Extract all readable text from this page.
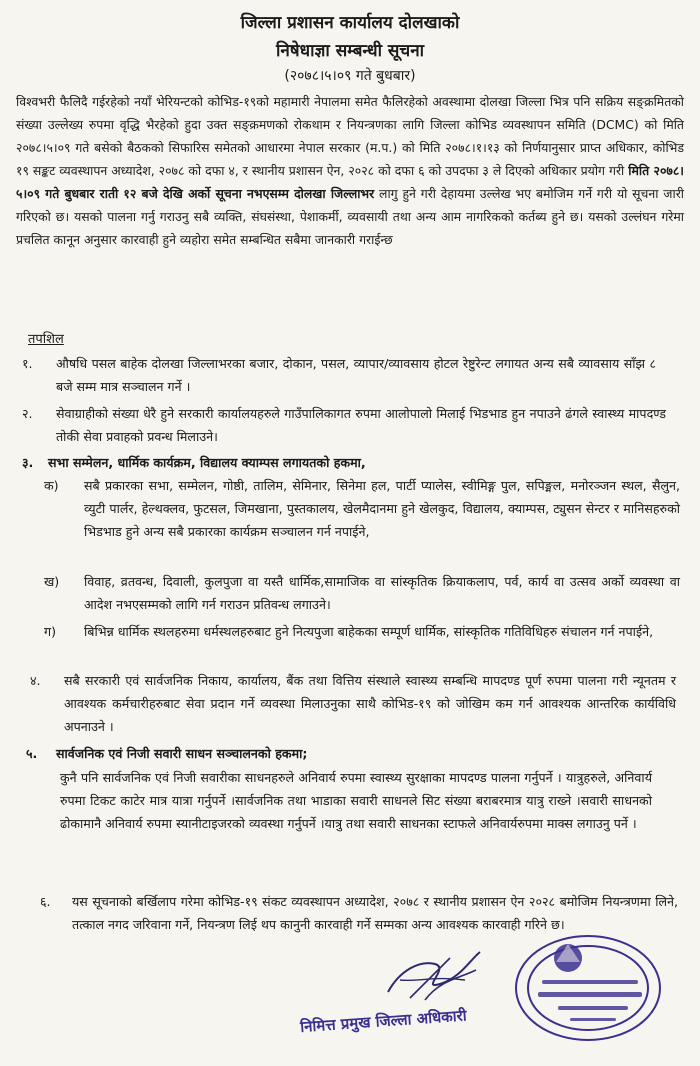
जिल्ला प्रशासन कार्यालय दोलखाको
निषेधाज्ञा सम्बन्धी सूचना
(२०७८।५।०९ गते बुधबार)
विश्वभरी फैलिदै गईरहेको नयाँ भेरियन्टको कोभिड-१९को महामारी नेपालमा समेत फैलिरहेको अवस्थामा दोलखा जिल्ला भित्र पनि सक्रिय सङ्क्रमितको संख्या उल्लेख्य रुपमा वृद्धि भैरहेको हुदा उक्त सङ्क्रमणको रोकथाम र नियन्त्रणका लागि जिल्ला कोभिड व्यवस्थापन समिति (DCMC) को मिति २०७८।५।०९ गते बसेको बैठकको सिफारिस समेतको आधारमा नेपाल सरकार (म.प.) को मिति २०७८।१।१३ को निर्णयानुसार प्राप्त अधिकार, कोभिड १९ सङ्कट व्यवस्थापन अध्यादेश, २०७८ को दफा ४, र स्थानीय प्रशासन ऐन, २०२८ को दफा ६ को उपदफा ३ ले दिएको अधिकार प्रयोग गरी मिति २०७८।५।०९ गते बुधबार राती १२ बजे देखि अर्को सूचना नभएसम्म दोलखा जिल्लाभर लागु हुने गरी देहायमा उल्लेख भए बमोजिम गर्ने गरी यो सूचना जारी गरिएको छ। यसको पालना गर्नु गराउनु सबै व्यक्ति, संघसंस्था, पेशाकर्मी, व्यवसायी तथा अन्य आम नागरिकको कर्तब्य हुने छ। यसको उल्लंघन गरेमा प्रचलित कानून अनुसार कारवाही हुने व्यहोरा समेत सम्बन्धित सबैमा जानकारी गराईन्छ
तपशिल
१. औषधि पसल बाहेक दोलखा जिल्लाभरका बजार, दोकान, पसल, व्यापार/व्यावसाय होटल रेष्टुरेन्ट लगायत अन्य सबै व्यावसाय साँझ ८ बजे सम्म मात्र सञ्चालन गर्ने ।
२. सेवाग्राहीको संख्या धेरै हुने सरकारी कार्यालयहरुले गाउँपालिकागत रुपमा आलोपालो मिलाई भिडभाड हुन नपाउने ढंगले स्वास्थ्य मापदण्ड तोकी सेवा प्रवाहको प्रवन्ध मिलाउने।
३. सभा सम्मेलन, धार्मिक कार्यक्रम, विद्यालय क्याम्पस लगायतको हकमा,
क) सबै प्रकारका सभा, सम्मेलन, गोष्ठी, तालिम, सेमिनार, सिनेमा हल, पार्टी प्यालेस, स्वीमिङ्ग पुल, सपिङ्मल, मनोरञ्जन स्थल, सैलुन, व्युटी पार्लर, हेल्थक्लव, फुटसल, जिमखाना, पुस्तकालय, खेलमैदानमा हुने खेलकुद, विद्यालय, क्याम्पस, ट्युसन सेन्टर र मानिसहरुको भिडभाड हुने अन्य सबै प्रकारका कार्यक्रम सञ्चालन गर्न नपाईने,
ख) विवाह, व्रतवन्ध, दिवाली, कुलपुजा वा यस्तै धार्मिक,सामाजिक वा सांस्कृतिक क्रियाकलाप, पर्व, कार्य वा उत्सव अर्को व्यवस्था वा आदेश नभएसम्मको लागि गर्न गराउन प्रतिवन्ध लगाउने।
ग) बिभिन्न धार्मिक स्थलहरुमा धर्मस्थलहरुबाट हुने नित्यपुजा बाहेकका सम्पूर्ण धार्मिक, सांस्कृतिक गतिविधिहरु संचालन गर्न नपाईने,
४. सबै सरकारी एवं सार्वजनिक निकाय, कार्यालय, बैंक तथा वित्तिय संस्थाले स्वास्थ्य सम्बन्धि मापदण्ड पूर्ण रुपमा पालना गरी न्यूनतम र आवश्यक कर्मचारीहरुबाट सेवा प्रदान गर्ने व्यवस्था मिलाउनुका साथै कोभिड-१९ को जोखिम कम गर्न आवश्यक आन्तरिक कार्यविधि अपनाउने ।
५. सार्वजनिक एवं निजी सवारी साधन सञ्चालनको हकमा;
कुनै पनि सार्वजनिक एवं निजी सवारीका साधनहरुले अनिवार्य रुपमा स्वास्थ्य सुरक्षाका मापदण्ड पालना गर्नुपर्ने । यात्रुहरुले, अनिवार्य रुपमा टिकट काटेर मात्र यात्रा गर्नुपर्ने ।सार्वजनिक तथा भाडाका सवारी साधनले सिट संख्या बराबरमात्र यात्रु राख्ने ।सवारी साधनको ढोकामानै अनिवार्य रुपमा स्यानीटाइजरको व्यवस्था गर्नुपर्ने ।यात्रु तथा सवारी साधनका स्टाफले अनिवार्यरुपमा माक्स लगाउनु पर्ने ।
६. यस सूचनाको बर्खिलाप गरेमा कोभिड-१९ संकट व्यवस्थापन अध्यादेश, २०७८ र स्थानीय प्रशासन ऐन २०२८ बमोजिम नियन्त्रणमा लिने, तत्काल नगद जरिवाना गर्ने, नियन्त्रण लिई थप कानुनी कारवाही गर्ने सम्मका अन्य आवश्यक कारवाही गरिने छ।
निमित्त प्रमुख जिल्ला अधिकारी
